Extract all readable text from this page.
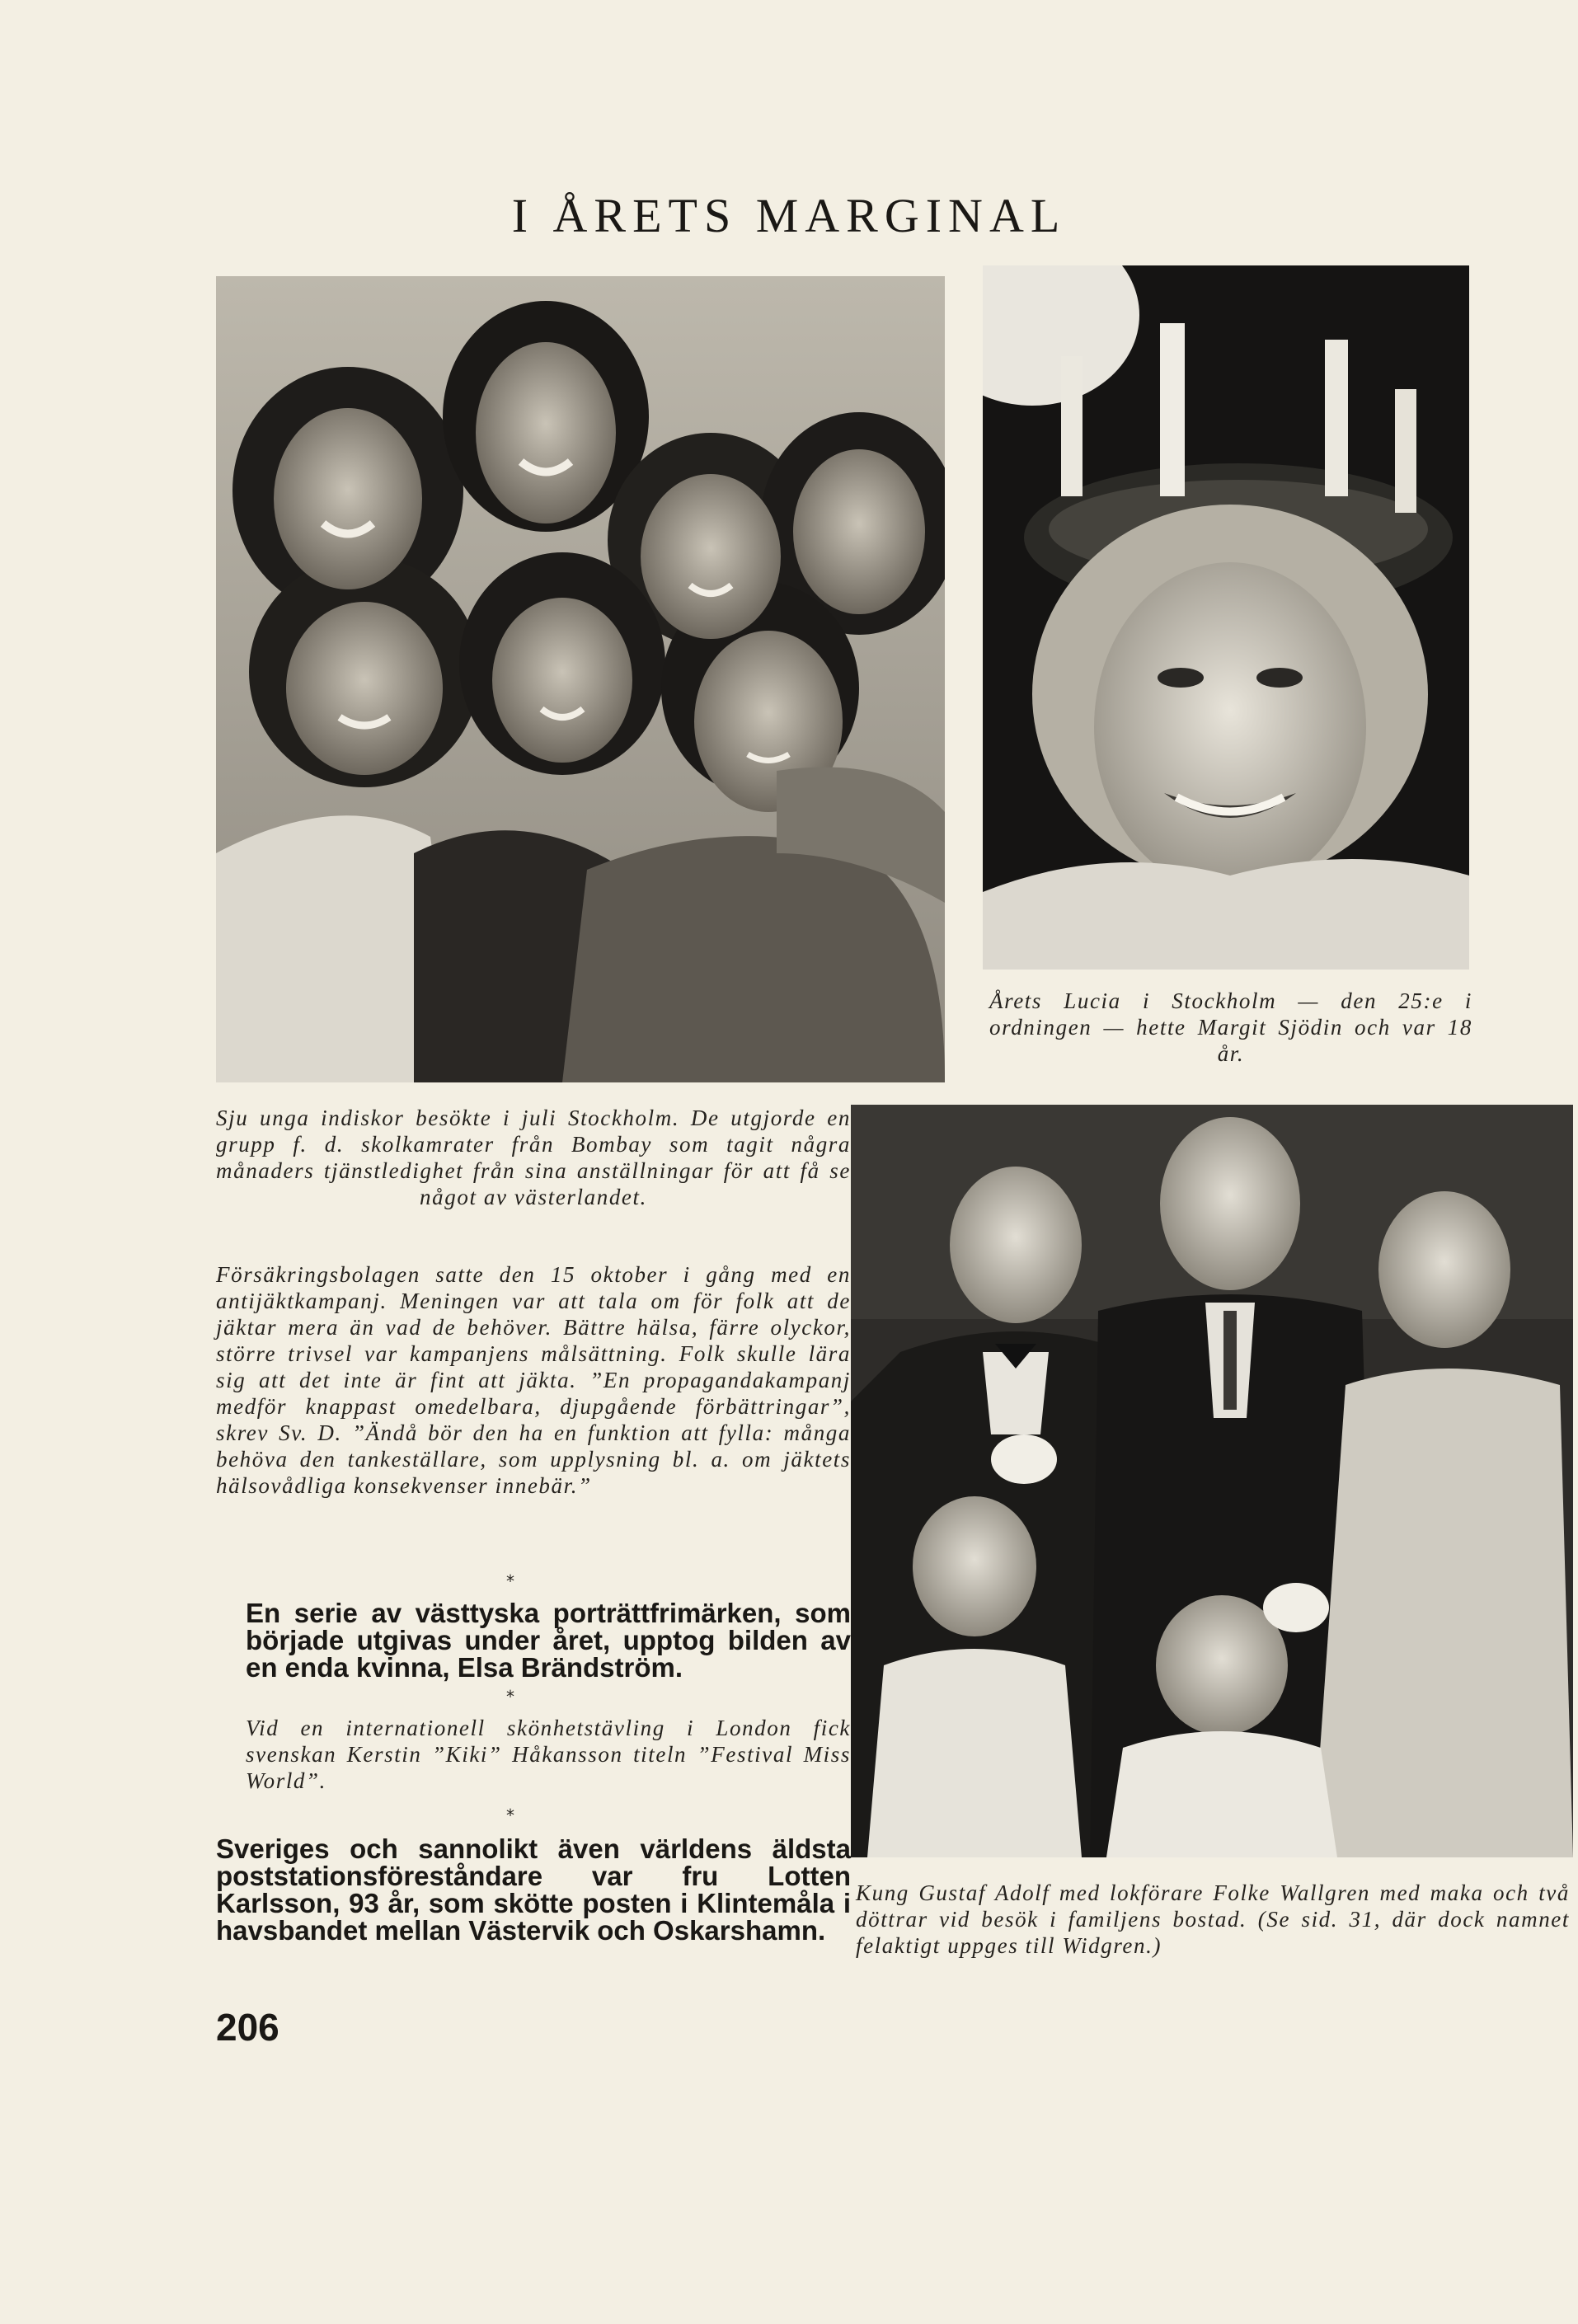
I ÅRETS MARGINAL
Årets Lucia i Stockholm — den 25:e i ordningen — hette Margit Sjödin och var 18 år.
Sju unga indiskor besökte i juli Stockholm. De utgjorde en grupp f. d. skolkamrater från Bombay som tagit några månaders tjänstledighet från sina anställningar för att få se något av västerlandet.
Försäkringsbolagen satte den 15 oktober i gång med en antijäktkampanj. Meningen var att tala om för folk att de jäktar mera än vad de behöver. Bättre hälsa, färre olyckor, större trivsel var kampanjens målsättning. Folk skulle lära sig att det inte är fint att jäkta. ”En propagandakampanj medför knappast omedelbara, djupgående förbättringar”, skrev Sv. D. ”Ändå bör den ha en funktion att fylla: många behöva den tankeställare, som upplysning bl. a. om jäktets hälsovådliga konsekvenser innebär.”
*
En serie av västtyska porträttfrimärken, som började utgivas under året, upptog bilden av en enda kvinna, Elsa Brändström.
*
Vid en internationell skönhetstävling i London fick svenskan Kerstin ”Kiki” Håkansson titeln ”Festival Miss World”.
*
Sveriges och sannolikt även världens äldsta poststationsföreståndare var fru Lotten Karlsson, 93 år, som skötte posten i Klintemåla i havsbandet mellan Västervik och Oskarshamn.
Kung Gustaf Adolf med lokförare Folke Wallgren med maka och två döttrar vid besök i familjens bostad. (Se sid. 31, där dock namnet felaktigt uppges till Widgren.)
206
